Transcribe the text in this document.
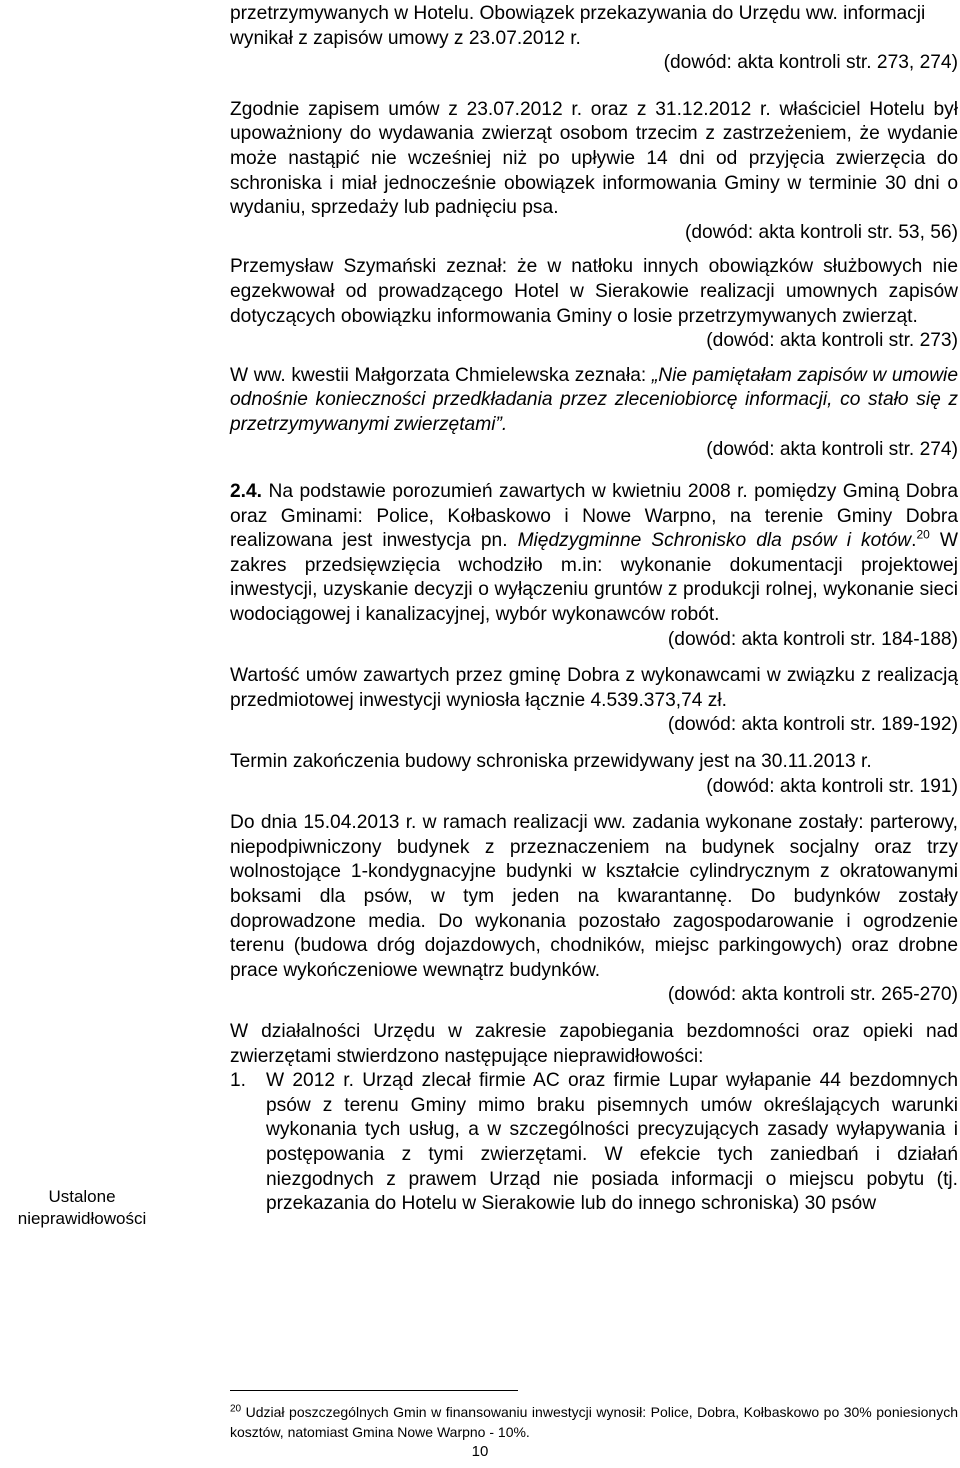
Ustalone
nieprawidłowości

przetrzymywanych w Hotelu. Obowiązek przekazywania do Urzędu ww. informacji wynikał z zapisów umowy z 23.07.2012 r.

(dowód: akta kontroli str. 273, 274)

Zgodnie zapisem umów z 23.07.2012 r. oraz z 31.12.2012 r. właściciel Hotelu był upoważniony do wydawania zwierząt osobom trzecim z zastrzeżeniem, że wydanie może nastąpić nie wcześniej niż po upływie 14 dni od przyjęcia zwierzęcia do schroniska i miał jednocześnie obowiązek informowania Gminy w terminie 30 dni o wydaniu, sprzedaży lub padnięciu psa.

(dowód: akta kontroli str. 53, 56)

Przemysław Szymański zeznał: że w natłoku innych obowiązków służbowych nie egzekwował od prowadzącego Hotel w Sierakowie realizacji umownych zapisów dotyczących obowiązku informowania Gminy o losie przetrzymywanych zwierząt.

(dowód: akta kontroli str. 273)

W ww. kwestii Małgorzata Chmielewska zeznała: „Nie pamiętałam zapisów w umowie odnośnie konieczności przedkładania przez zleceniobiorcę informacji, co stało się z przetrzymywanymi zwierzętami”.

(dowód: akta kontroli str. 274)

2.4. Na podstawie porozumień zawartych w kwietniu 2008 r. pomiędzy Gminą Dobra oraz Gminami: Police, Kołbaskowo i Nowe Warpno, na terenie Gminy Dobra realizowana jest inwestycja pn. Międzygminne Schronisko dla psów i kotów.$^{20}$ W zakres przedsięwzięcia wchodziło m.in: wykonanie dokumentacji projektowej inwestycji, uzyskanie decyzji o wyłączeniu gruntów z produkcji rolnej, wykonanie sieci wodociągowej i kanalizacyjnej, wybór wykonawców robót.

(dowód: akta kontroli str. 184-188)

Wartość umów zawartych przez gminę Dobra z wykonawcami w związku z realizacją przedmiotowej inwestycji wyniosła łącznie 4.539.373,74 zł.

(dowód: akta kontroli str. 189-192)

Termin zakończenia budowy schroniska przewidywany jest na 30.11.2013 r.

(dowód: akta kontroli str. 191)

Do dnia 15.04.2013 r. w ramach realizacji ww. zadania wykonane zostały: parterowy, niepodpiwniczony budynek z przeznaczeniem na budynek socjalny oraz trzy wolnostojące 1-kondygnacyjne budynki w kształcie cylindrycznym z okratowanymi boksami dla psów, w tym jeden na kwarantannę. Do budynków zostały doprowadzone media. Do wykonania pozostało zagospodarowanie i ogrodzenie terenu (budowa dróg dojazdowych, chodników, miejsc parkingowych) oraz drobne prace wykończeniowe wewnątrz budynków.

(dowód: akta kontroli str. 265-270)

W działalności Urzędu w zakresie zapobiegania bezdomności oraz opieki nad zwierzętami stwierdzono następujące nieprawidłowości:

1.	W 2012 r. Urząd zlecał firmie AC oraz firmie Lupar wyłapanie 44 bezdomnych psów z terenu Gminy mimo braku pisemnych umów określających warunki wykonania tych usług, a w szczególności precyzujących zasady wyłapywania i postępowania z tymi zwierzętami. W efekcie tych zaniedbań i działań niezgodnych z prawem Urząd nie posiada informacji o miejscu pobytu (tj. przekazania do Hotelu w Sierakowie lub do innego schroniska) 30 psów
$^{20}$ Udział poszczególnych Gmin w finansowaniu inwestycji wynosił: Police, Dobra, Kołbaskowo po 30% poniesionych kosztów, natomiast Gmina Nowe Warpno - 10%.
10
